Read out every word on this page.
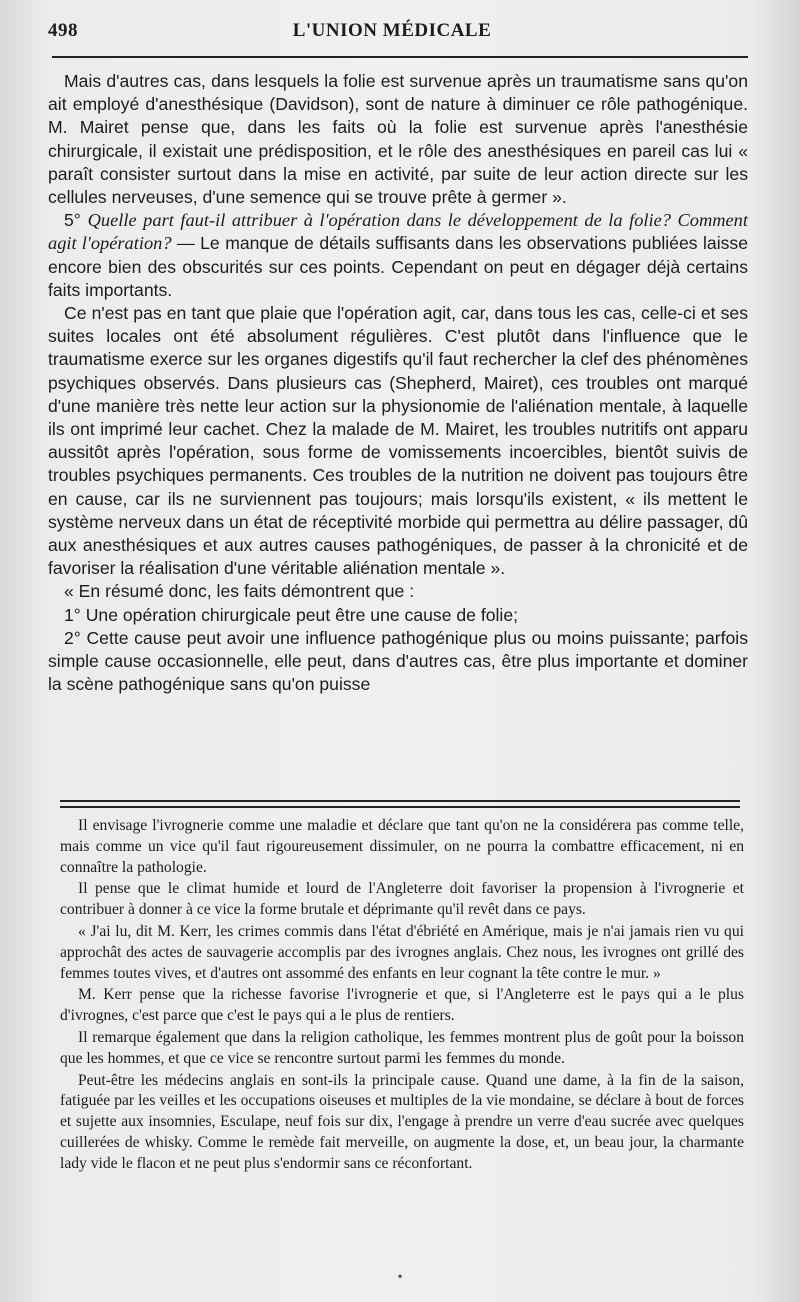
498	L'UNION MÉDICALE

Mais d'autres cas, dans lesquels la folie est survenue après un traumatisme sans qu'on ait employé d'anesthésique (Davidson), sont de nature à diminuer ce rôle pathogénique. M. Mairet pense que, dans les faits où la folie est survenue après l'anesthésie chirurgicale, il existait une prédisposition, et le rôle des anesthésiques en pareil cas lui « paraît consister surtout dans la mise en activité, par suite de leur action directe sur les cellules nerveuses, d'une semence qui se trouve prête à germer ».

5° Quelle part faut-il attribuer à l'opération dans le développement de la folie? Comment agit l'opération? — Le manque de détails suffisants dans les observations publiées laisse encore bien des obscurités sur ces points. Cependant on peut en dégager déjà certains faits importants.

Ce n'est pas en tant que plaie que l'opération agit, car, dans tous les cas, celle-ci et ses suites locales ont été absolument régulières. C'est plutôt dans l'influence que le traumatisme exerce sur les organes digestifs qu'il faut rechercher la clef des phénomènes psychiques observés. Dans plusieurs cas (Shepherd, Mairet), ces troubles ont marqué d'une manière très nette leur action sur la physionomie de l'aliénation mentale, à laquelle ils ont imprimé leur cachet. Chez la malade de M. Mairet, les troubles nutritifs ont apparu aussitôt après l'opération, sous forme de vomissements incoercibles, bientôt suivis de troubles psychiques permanents. Ces troubles de la nutrition ne doivent pas toujours être en cause, car ils ne surviennent pas toujours; mais lorsqu'ils existent, « ils mettent le système nerveux dans un état de réceptivité morbide qui permettra au délire passager, dû aux anesthésiques et aux autres causes pathogéniques, de passer à la chronicité et de favoriser la réalisation d'une véritable aliénation mentale ».

« En résumé donc, les faits démontrent que :

1° Une opération chirurgicale peut être une cause de folie;

2° Cette cause peut avoir une influence pathogénique plus ou moins puissante; parfois simple cause occasionnelle, elle peut, dans d'autres cas, être plus importante et dominer la scène pathogénique sans qu'on puisse

Il envisage l'ivrognerie comme une maladie et déclare que tant qu'on ne la considérera pas comme telle, mais comme un vice qu'il faut rigoureusement dissimuler, on ne pourra la combattre efficacement, ni en connaître la pathologie.

Il pense que le climat humide et lourd de l'Angleterre doit favoriser la propension à l'ivrognerie et contribuer à donner à ce vice la forme brutale et déprimante qu'il revêt dans ce pays.

« J'ai lu, dit M. Kerr, les crimes commis dans l'état d'ébriété en Amérique, mais je n'ai jamais rien vu qui approchât des actes de sauvagerie accomplis par des ivrognes anglais. Chez nous, les ivrognes ont grillé des femmes toutes vives, et d'autres ont assommé des enfants en leur cognant la tête contre le mur. »

M. Kerr pense que la richesse favorise l'ivrognerie et que, si l'Angleterre est le pays qui a le plus d'ivrognes, c'est parce que c'est le pays qui a le plus de rentiers.

Il remarque également que dans la religion catholique, les femmes montrent plus de goût pour la boisson que les hommes, et que ce vice se rencontre surtout parmi les femmes du monde.

Peut-être les médecins anglais en sont-ils la principale cause. Quand une dame, à la fin de la saison, fatiguée par les veilles et les occupations oiseuses et multiples de la vie mondaine, se déclare à bout de forces et sujette aux insomnies, Esculape, neuf fois sur dix, l'engage à prendre un verre d'eau sucrée avec quelques cuillerées de whisky. Comme le remède fait merveille, on augmente la dose, et, un beau jour, la charmante lady vide le flacon et ne peut plus s'endormir sans ce réconfortant.

•
